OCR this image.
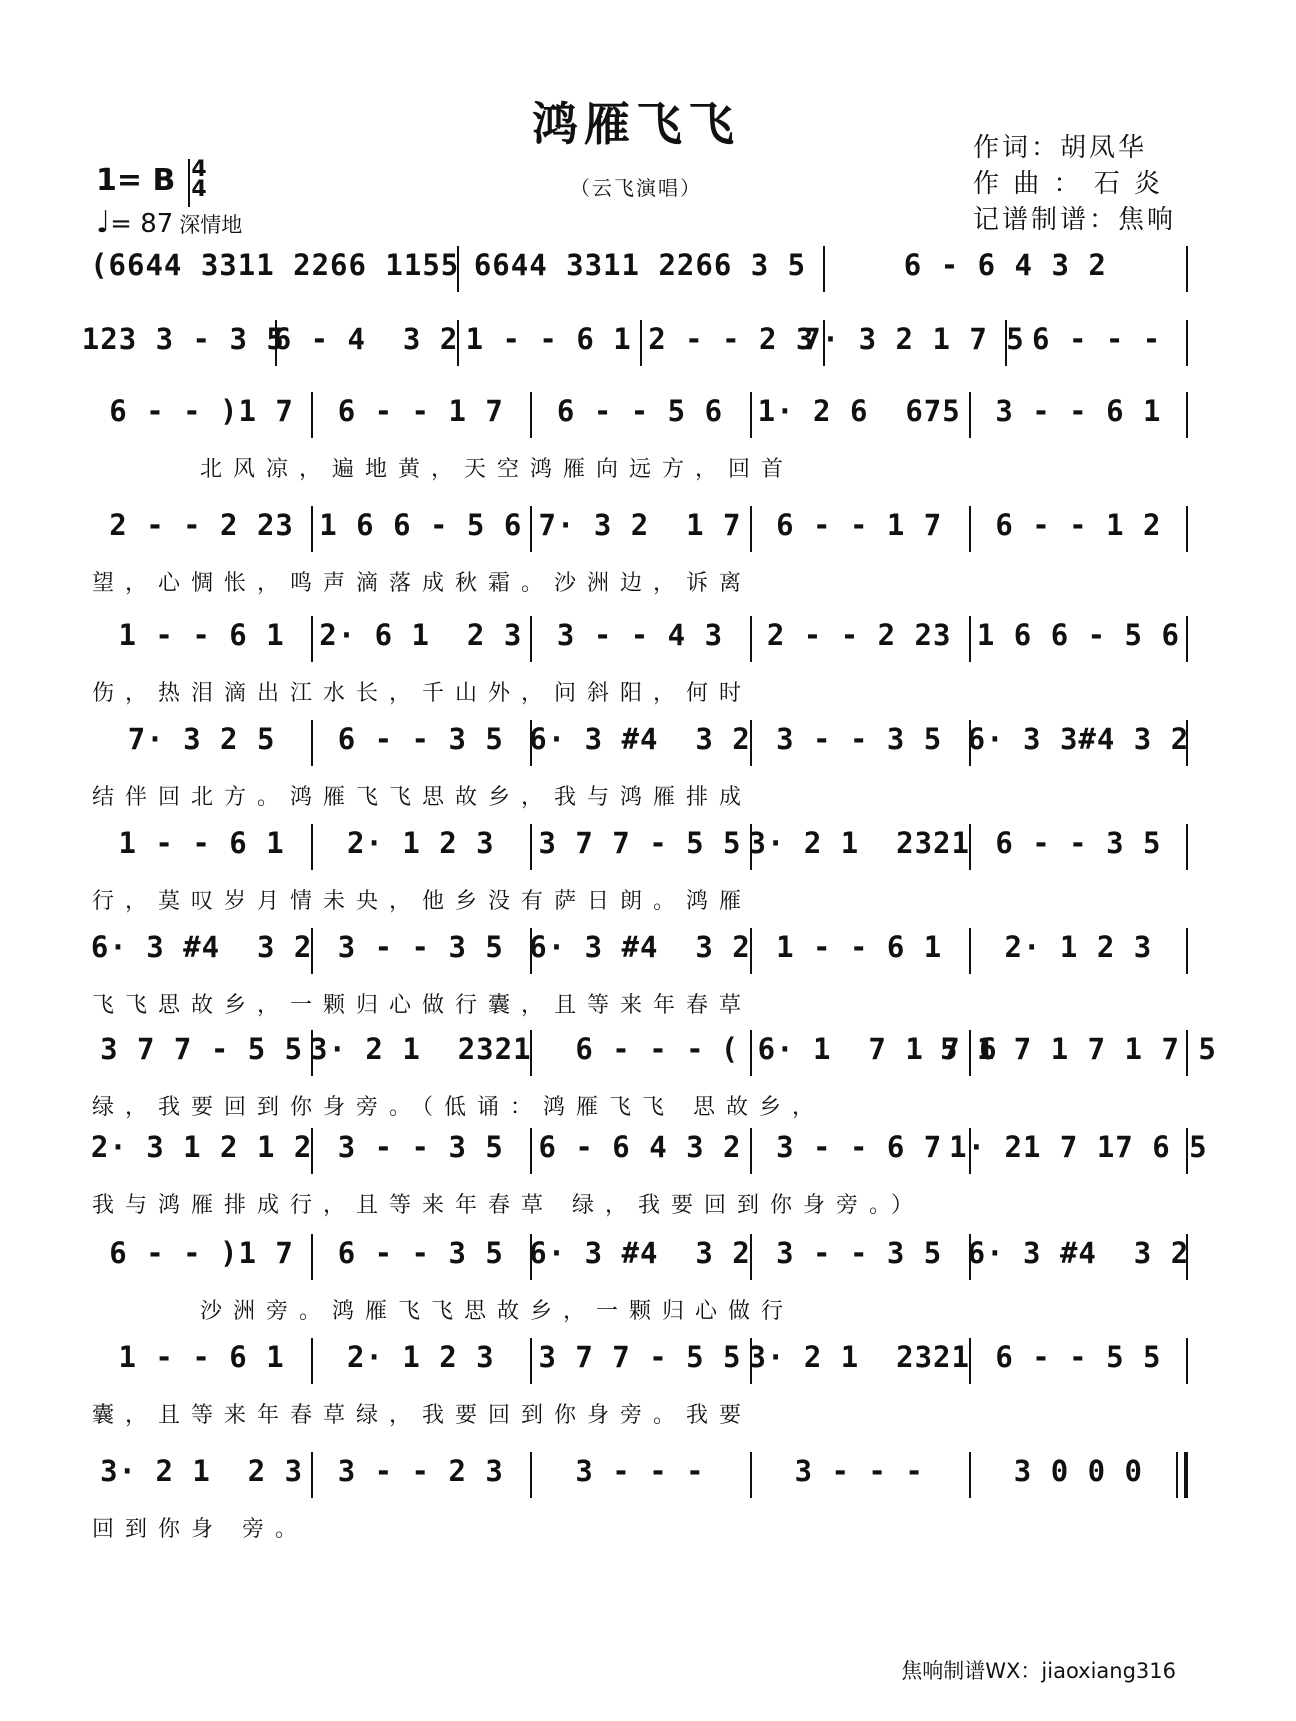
鸿雁飞飞
（云飞演唱）
作词：胡凤华
作 曲 ： 石 炎
记谱制谱：焦响
1= B 4
4
♩= 87 深情地
(6644 3311 2266 1155 6644 3311 2266 3 5	6 - 6 4 3 2
123 3 - 3 5
6 - 4  3 2 1 - - 6 1 2 - - 2 3
7· 3 2 1 7 5 6 - - -
6 - - )1 7	6 - - 1 7	6 - - 5 6	1· 2 6  675	3 - - 6 1
北风凉，遍地黄，天空鸿雁向远方，回首
2 - - 2 23 1 6 6 - 5 6 7· 3 2  1 7	6 - - 1 7	6 - - 1 2
望，心惆怅，鸣声滴落成秋霜。沙洲边，诉离
1 - - 6 1	2· 6 1  2 3	3 - - 4 3	2 - - 2 23 1 6 6 - 5 6
伤，热泪滴出江水长，千山外，问斜阳，何时
7· 3 2 5	6 - - 3 5 6· 3 #4  3 2 3 - - 3 5 6· 3 3#4 3 2
结伴回北方。鸿雁飞飞思故乡，我与鸿雁排成
1 - - 6 1	2· 1 2 3	3 7 7 - 5 5 3· 2 1  2321 6 - - 3 5
行，莫叹岁月情未央，他乡没有萨日朗。鸿雁
6· 3 #4  3 2 3 - - 3 5 6· 3 #4  3 2 1 - - 6 1	2· 1 2 3
飞飞思故乡，一颗归心做行囊，且等来年春草
3 7 7 - 5 5 3· 2 1  2321	6 - - - ( 6· 1  7 1 7 6
5 1 7 1 7 1 7 5
绿，我要回到你身旁。（低诵：鸿雁飞飞 思故乡，
2· 3 1 2 1 2 3 - - 3 5	6 - 6 4 3 2	3 - - 6 7 1· 21 7 17 6 5
我与鸿雁排成行，且等来年春草 绿，我要回到你身旁。）
6 - - )1 7	6 - - 3 5 6· 3 #4  3 2 3 - - 3 5 6· 3 #4  3 2
沙洲旁。鸿雁飞飞思故乡，一颗归心做行
1 - - 6 1	2· 1 2 3	3 7 7 - 5 5 3· 2 1  2321 6 - - 5 5
囊，且等来年春草绿，我要回到你身旁。我要
3· 2 1  2 3	3 - - 2 3	3 - - -	3 - - -	3 0 0 0
回到你身 旁。
焦响制谱WX：jiaoxiang316
